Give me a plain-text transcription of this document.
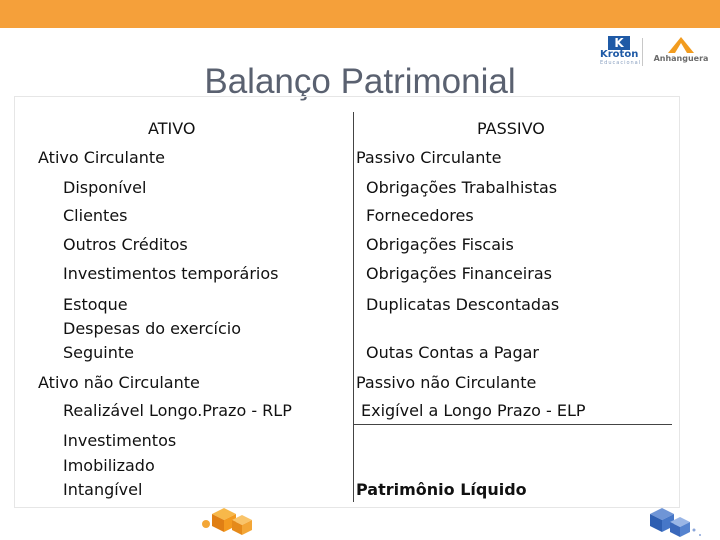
K
Kroton
Educacional	Anhanguera
Balanço Patrimonial
ATIVO
Ativo Circulante
Disponível
Clientes
Outros Créditos
Investimentos temporários
Estoque
Despesas do exercício
Seguinte
Ativo não Circulante
Realizável Longo.Prazo - RLP
Investimentos
Imobilizado
Intangível
PASSIVO
Passivo Circulante
Obrigações Trabalhistas
Fornecedores
Obrigações Fiscais
Obrigações Financeiras
Duplicatas Descontadas
Outas Contas a Pagar
Passivo não Circulante
Exigível a Longo Prazo - ELP
Patrimônio Líquido
